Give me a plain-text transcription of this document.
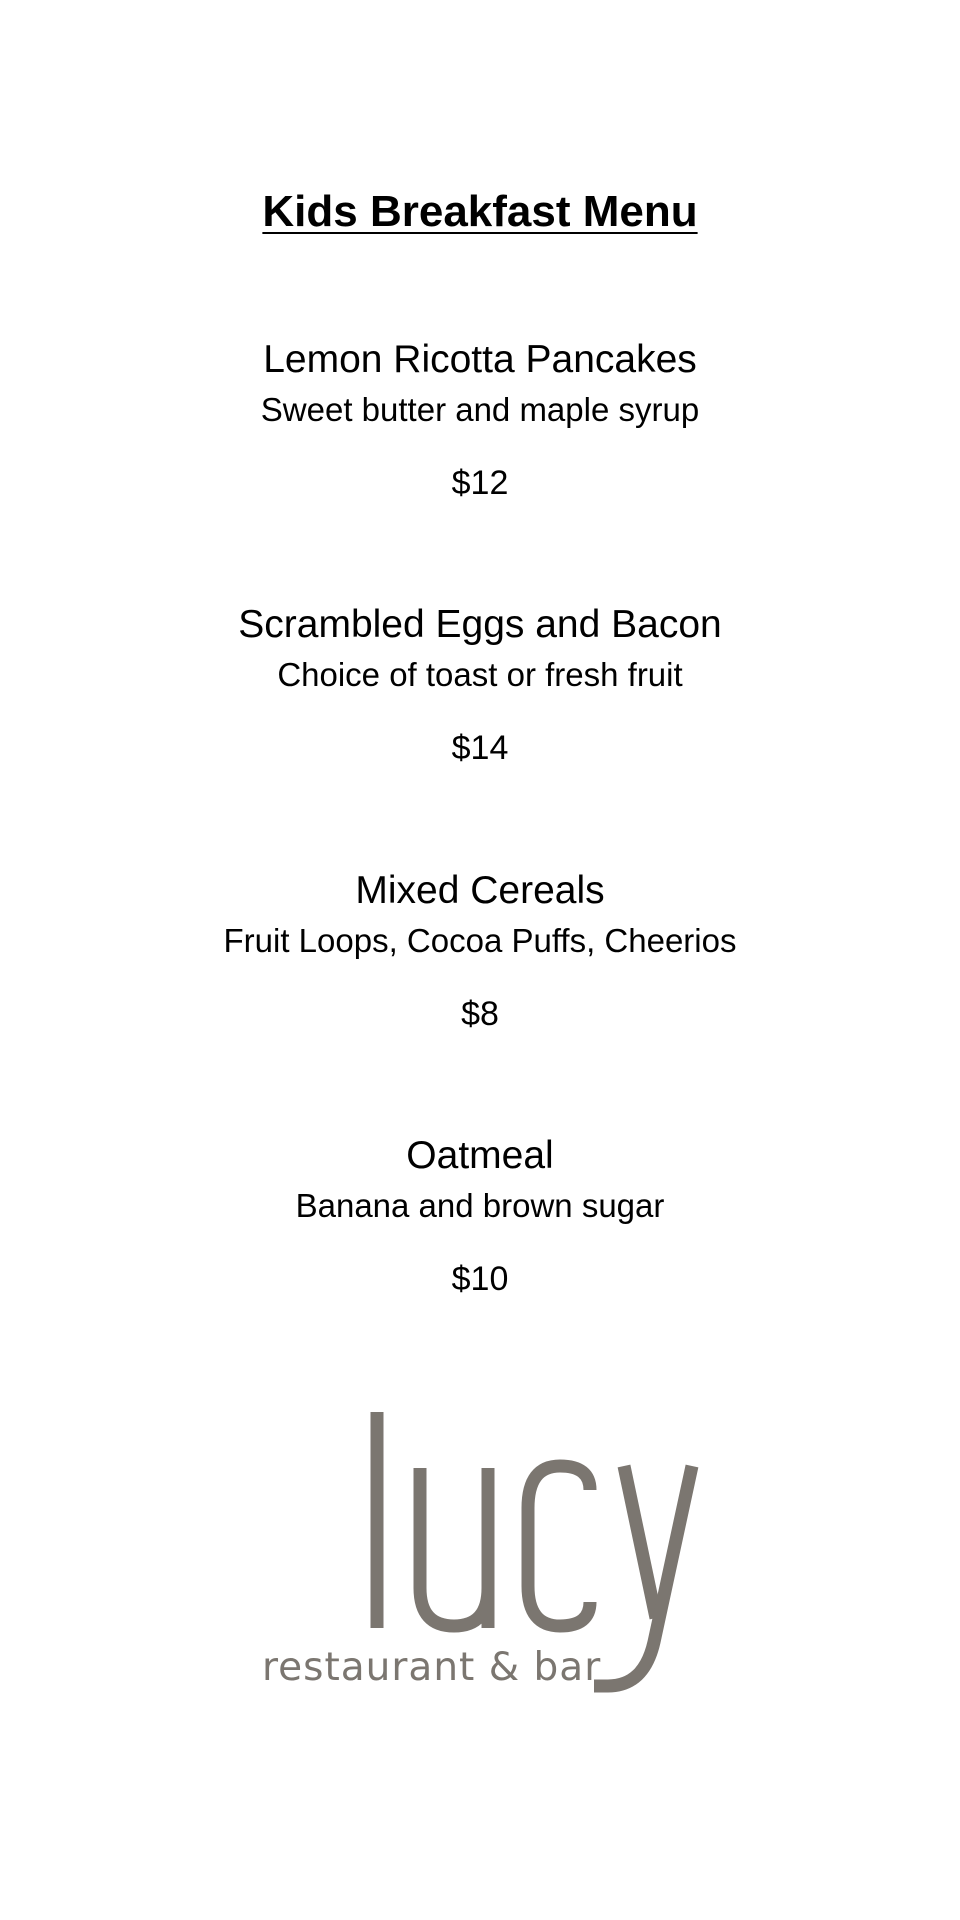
Kids Breakfast Menu

Lemon Ricotta Pancakes

Sweet butter and maple syrup

$12

Scrambled Eggs and Bacon

Choice of toast or fresh fruit

$14

Mixed Cereals

Fruit Loops, Cocoa Puffs, Cheerios

$8

Oatmeal

Banana and brown sugar

$10

restaurant & bar
